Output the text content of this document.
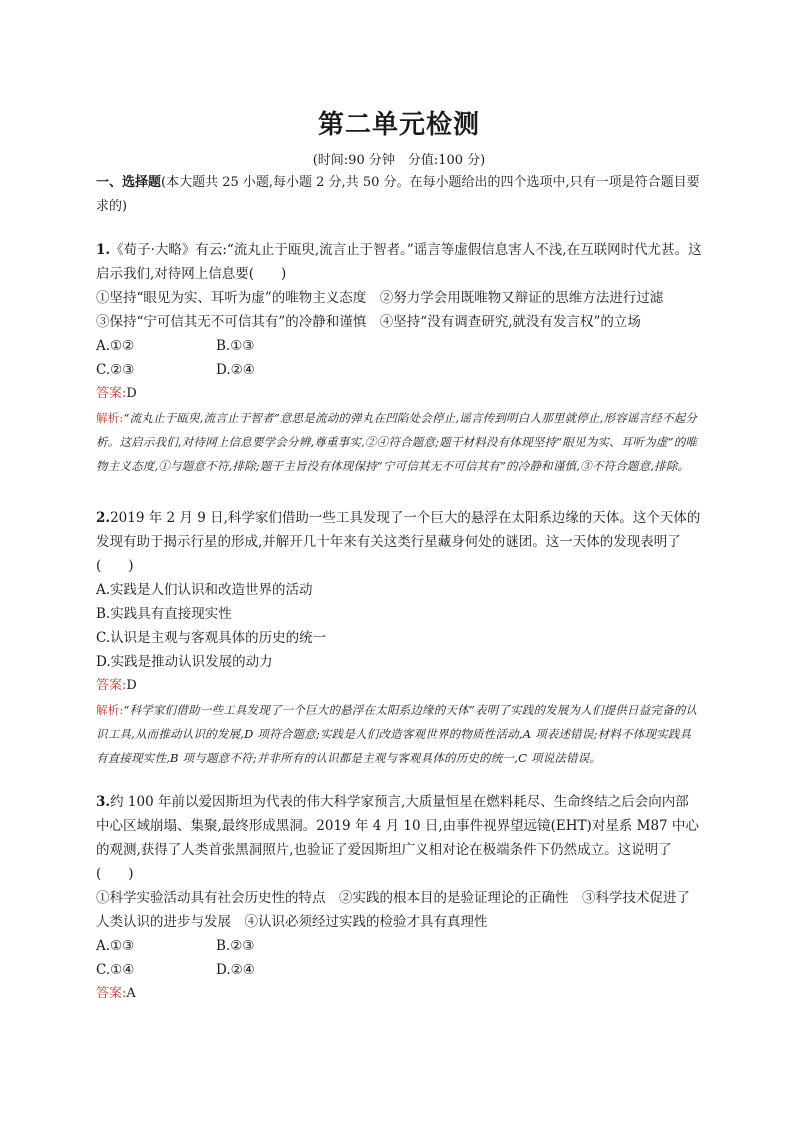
第二单元检测
(时间:90 分钟　分值:100 分)
一、选择题(本大题共 25 小题,每小题 2 分,共 50 分。在每小题给出的四个选项中,只有一项是符合题目要求的)
1.《荀子·大略》有云:“流丸止于瓯臾,流言止于智者。”谣言等虚假信息害人不浅,在互联网时代尤甚。这启示我们,对待网上信息要(　　)
①坚持“眼见为实、耳听为虚”的唯物主义态度　②努力学会用既唯物又辩证的思维方法进行过滤
③保持“宁可信其无不可信其有”的冷静和谨慎　④坚持“没有调查研究,就没有发言权”的立场
A.①②	B.①③
C.②③	D.②④
答案:D
解析:“流丸止于瓯臾,流言止于智者”意思是流动的弹丸在凹陷处会停止,谣言传到明白人那里就停止,形容谣言经不起分析。这启示我们,对待网上信息要学会分辨,尊重事实,②④符合题意;题干材料没有体现坚持“眼见为实、耳听为虚”的唯物主义态度,①与题意不符,排除;题干主旨没有体现保持“宁可信其无不可信其有”的冷静和谨慎,③不符合题意,排除。
2.2019 年 2 月 9 日,科学家们借助一些工具发现了一个巨大的悬浮在太阳系边缘的天体。这个天体的发现有助于揭示行星的形成,并解开几十年来有关这类行星藏身何处的谜团。这一天体的发现表明了(　　)
A.实践是人们认识和改造世界的活动
B.实践具有直接现实性
C.认识是主观与客观具体的历史的统一
D.实践是推动认识发展的动力
答案:D
解析:“科学家们借助一些工具发现了一个巨大的悬浮在太阳系边缘的天体”表明了实践的发展为人们提供日益完备的认识工具,从而推动认识的发展,D 项符合题意;实践是人们改造客观世界的物质性活动,A 项表述错误;材料不体现实践具有直接现实性,B 项与题意不符;并非所有的认识都是主观与客观具体的历史的统一,C 项说法错误。
3.约 100 年前以爱因斯坦为代表的伟大科学家预言,大质量恒星在燃料耗尽、生命终结之后会向内部中心区域崩塌、集聚,最终形成黑洞。2019 年 4 月 10 日,由事件视界望远镜(EHT)对星系 M87 中心的观测,获得了人类首张黑洞照片,也验证了爱因斯坦广义相对论在极端条件下仍然成立。这说明了(　　)
①科学实验活动具有社会历史性的特点　②实践的根本目的是验证理论的正确性　③科学技术促进了人类认识的进步与发展　④认识必须经过实践的检验才具有真理性
A.①③	B.②③
C.①④	D.②④
答案:A
